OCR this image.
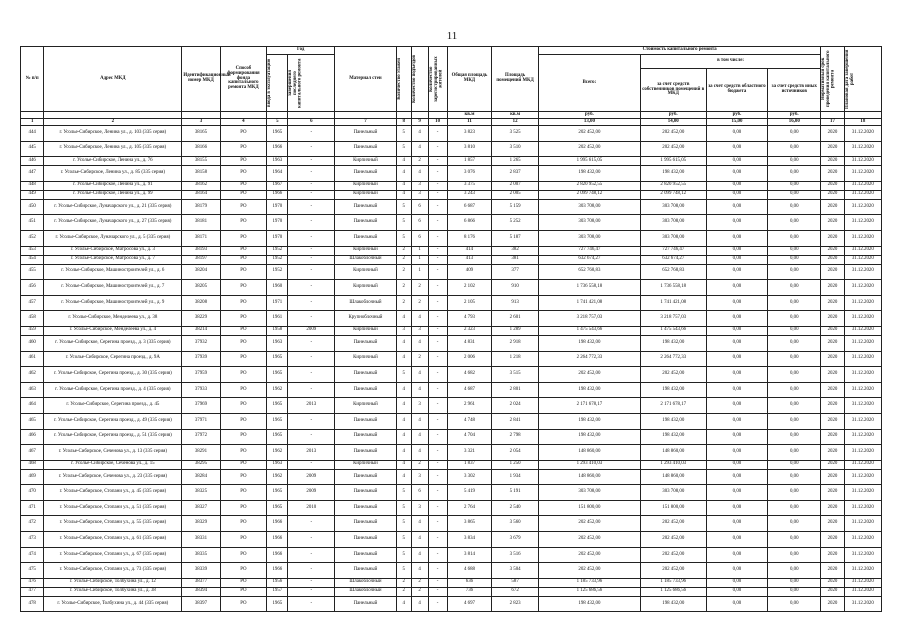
11
№ п/п	Адрес МКД	Идентификационный номер МКД	Способ формирования фонда капитального ремонта МКД	Год		Материал стен	Количество этажей	Количество подъездов	Количество зарегистрированных жителей	Общая площадь МКД	Площадь помещений МКД	Стоимость капитального ремонта				Нормативный срок проведения капитального ремонта	Плановая дата завершения работ

				ввода в эксплуатацию	завершения последнего капитального ремонта							Всего:	в том числе:				
													за счет средств собственников помещений в МКД	за счет средств областного бюджета	за счет средств иных источников		
										кв.м	кв.м	руб.	руб.	руб.	руб.		
1	2	3	4	5	6	7	8	9	10	11	12	13,00	14,00	15,00	16,00	17	18
444	г. Усолье-Сибирское, Ленина ул., д. 103 (335 серия)	38165	РО	1965	-	Панельный	5	4	-	3 823	3 525	202 452,00	202 452,00	0,00	0,00	2020	31.12.2020
445	г. Усолье-Сибирское, Ленина ул., д. 105 (335 серия)	38166	РО	1966	-	Панельный	5	4	-	3 810	3 510	202 452,00	202 452,00	0,00	0,00	2020	31.12.2020
446	г. Усолье-Сибирское, Ленина ул., д. 76	38155	РО	1963	-	Кирпичный	4	2	-	1 857	1 265	1 995 615,05	1 995 615,05	0,00	0,00	2020	31.12.2020
447	г. Усолье-Сибирское, Ленина ул., д. 85 (335 серия)	38158	РО	1964	-	Панельный	4	4	-	3 076	2 837	198 432,00	198 432,00	0,00	0,00	2020	31.12.2020
448	г. Усолье-Сибирское, Ленина ул., д. 91	38162	РО	1967	-	Кирпичный	4	3	-	3 375	2 007	2 820 952,55	2 820 952,55	0,00	0,00	2020	31.12.2020
449	г. Усолье-Сибирское, Ленина ул., д. 99	38164	РО	1966	-	Кирпичный	4	3	-	3 243	2 005	2 099 748,12	2 099 748,12	0,00	0,00	2020	31.12.2020
450	г. Усолье-Сибирское, Луначарского ул., д. 21 (335 серия)	38179	РО	1970	-	Панельный	5	6	-	6 687	5 159	303 708,00	303 708,00	0,00	0,00	2020	31.12.2020
451	г. Усолье-Сибирское, Луначарского ул., д. 27 (335 серия)	38181	РО	1970	-	Панельный	5	6	-	6 866	5 252	303 708,00	303 708,00	0,00	0,00	2020	31.12.2020
452	г. Усолье-Сибирское, Луначарского ул., д. 5 (335 серия)	38171	РО	1970	-	Панельный	5	6	-	8 176	5 187	303 708,00	303 708,00	0,00	0,00	2020	31.12.2020
453	г. Усолье-Сибирское, Матросова ул., д. 3	38193	РО	1952	-	Кирпичный	2	1	-	414	382	727 746,47	727 746,47	0,00	0,00	2020	31.12.2020
454	г. Усолье-Сибирское, Матросова ул., д. 7	38197	РО	1952	-	Шлакоблочный	2	1	-	413	381	632 674,27	632 674,27	0,00	0,00	2020	31.12.2020
455	г. Усолье-Сибирское, Машиностроителей ул., д. 6	38204	РО	1952	-	Кирпичный	2	1	-	409	377	652 768,83	652 768,83	0,00	0,00	2020	31.12.2020
456	г. Усолье-Сибирское, Машиностроителей ул., д. 7	38205	РО	1960	-	Кирпичный	2	2	-	2 102	910	1 736 558,18	1 736 558,18	0,00	0,00	2020	31.12.2020
457	г. Усолье-Сибирское, Машиностроителей ул., д. 9	38208	РО	1971	-	Шлакоблочный	2	2	-	2 105	913	1 741 421,08	1 741 421,08	0,00	0,00	2020	31.12.2020
458	г. Усолье-Сибирское, Менделеева ул., д. 38	38229	РО	1961	-	Крупноблочный	4	4	-	4 793	2 601	3 218 757,03	3 218 757,03	0,00	0,00	2020	31.12.2020
459	г. Усолье-Сибирское, Менделеева ул., д. 4	38214	РО	1958	2009	Кирпичный	3	3	-	2 323	1 289	1 475 543,66	1 475 543,66	0,00	0,00	2020	31.12.2020
460	г. Усолье-Сибирское, Серегина проезд., д. 3 (335 серия)	37932	РО	1963	-	Панельный	4	4	-	4 831	2 918	198 432,00	198 432,00	0,00	0,00	2020	31.12.2020
461	г. Усолье-Сибирское, Серегина проезд., д. 9А	37939	РО	1965	-	Кирпичный	4	2	-	2 006	1 218	2 264 772,33	2 264 772,33	0,00	0,00	2020	31.12.2020
462	г. Усолье-Сибирское, Серегина проезд., д. 30 (335 серия)	37959	РО	1965	-	Панельный	5	4	-	4 682	3 515	202 452,00	202 452,00	0,00	0,00	2020	31.12.2020
463	г. Усолье-Сибирское, Серегина проезд., д. 4 (335 серия)	37933	РО	1962	-	Панельный	4	4	-	4 687	2 801	198 432,00	198 432,00	0,00	0,00	2020	31.12.2020
464	г. Усолье-Сибирское, Серегина проезд., д. 45	37969	РО	1965	2013	Кирпичный	4	3	-	2 961	2 024	2 171 678,17	2 171 678,17	0,00	0,00	2020	31.12.2020
465	г. Усолье-Сибирское, Серегина проезд., д. 49 (335 серия)	37971	РО	1965	-	Панельный	4	4	-	4 748	2 841	198 432,00	198 432,00	0,00	0,00	2020	31.12.2020
466	г. Усолье-Сибирское, Серегина проезд., д. 51 (335 серия)	37972	РО	1965	-	Панельный	4	4	-	4 704	2 798	198 432,00	198 432,00	0,00	0,00	2020	31.12.2020
467	г. Усолье-Сибирское, Сеченова ул., д. 13 (335 серия)	38291	РО	1962	2013	Панельный	4	4	-	3 321	2 054	148 860,00	148 860,00	0,00	0,00	2020	31.12.2020
468	г. Усолье-Сибирское, Сеченова ул., д. 15	38295	РО	1963	-	Кирпичный	4	2	-	1 837	1 250	1 293 410,03	1 293 410,03	0,00	0,00	2020	31.12.2020
469	г. Усолье-Сибирское, Сеченова ул., д. 23 (335 серия)	38284	РО	1962	2009	Панельный	4	3	-	3 302	1 934	148 860,00	148 860,00	0,00	0,00	2020	31.12.2020
470	г. Усолье-Сибирское, Стопани ул., д. 45 (335 серия)	38325	РО	1965	2009	Панельный	5	6	-	5 419	5 191	303 708,00	303 708,00	0,00	0,00	2020	31.12.2020
471	г. Усолье-Сибирское, Стопани ул., д. 51 (335 серия)	38327	РО	1965	2010	Панельный	5	3	-	2 764	2 540	151 800,00	151 800,00	0,00	0,00	2020	31.12.2020
472	г. Усолье-Сибирское, Стопани ул., д. 55 (335 серия)	38329	РО	1966	-	Панельный	5	4	-	3 865	3 560	202 452,00	202 452,00	0,00	0,00	2020	31.12.2020
473	г. Усолье-Сибирское, Стопани ул., д. 61 (335 серия)	38331	РО	1966	-	Панельный	5	4	-	3 834	3 679	202 452,00	202 452,00	0,00	0,00	2020	31.12.2020
474	г. Усолье-Сибирское, Стопани ул., д. 67 (335 серия)	38335	РО	1966	-	Панельный	5	4	-	3 814	3 516	202 452,00	202 452,00	0,00	0,00	2020	31.12.2020
475	г. Усолье-Сибирское, Стопани ул., д. 73 (335 серия)	38339	РО	1966	-	Панельный	5	4	-	4 688	3 504	202 452,00	202 452,00	0,00	0,00	2020	31.12.2020
476	г. Усолье-Сибирское, Толбухина ул., д. 12	38377	РО	1956	-	Шлакоблочный	2	2	-	636	587	1 185 733,96	1 185 733,96	0,00	0,00	2020	31.12.2020
477	г. Усолье-Сибирское, Толбухина ул., д. 38	38394	РО	1957	-	Шлакоблочный	2	2	-	736	672	1 125 686,56	1 125 686,56	0,00	0,00	2020	31.12.2020
478	г. Усолье-Сибирское, Толбухина ул., д. 44 (335 серия)	38397	РО	1965	-	Панельный	4	4	-	4 697	2 823	198 432,00	198 432,00	0,00	0,00	2020	31.12.2020
